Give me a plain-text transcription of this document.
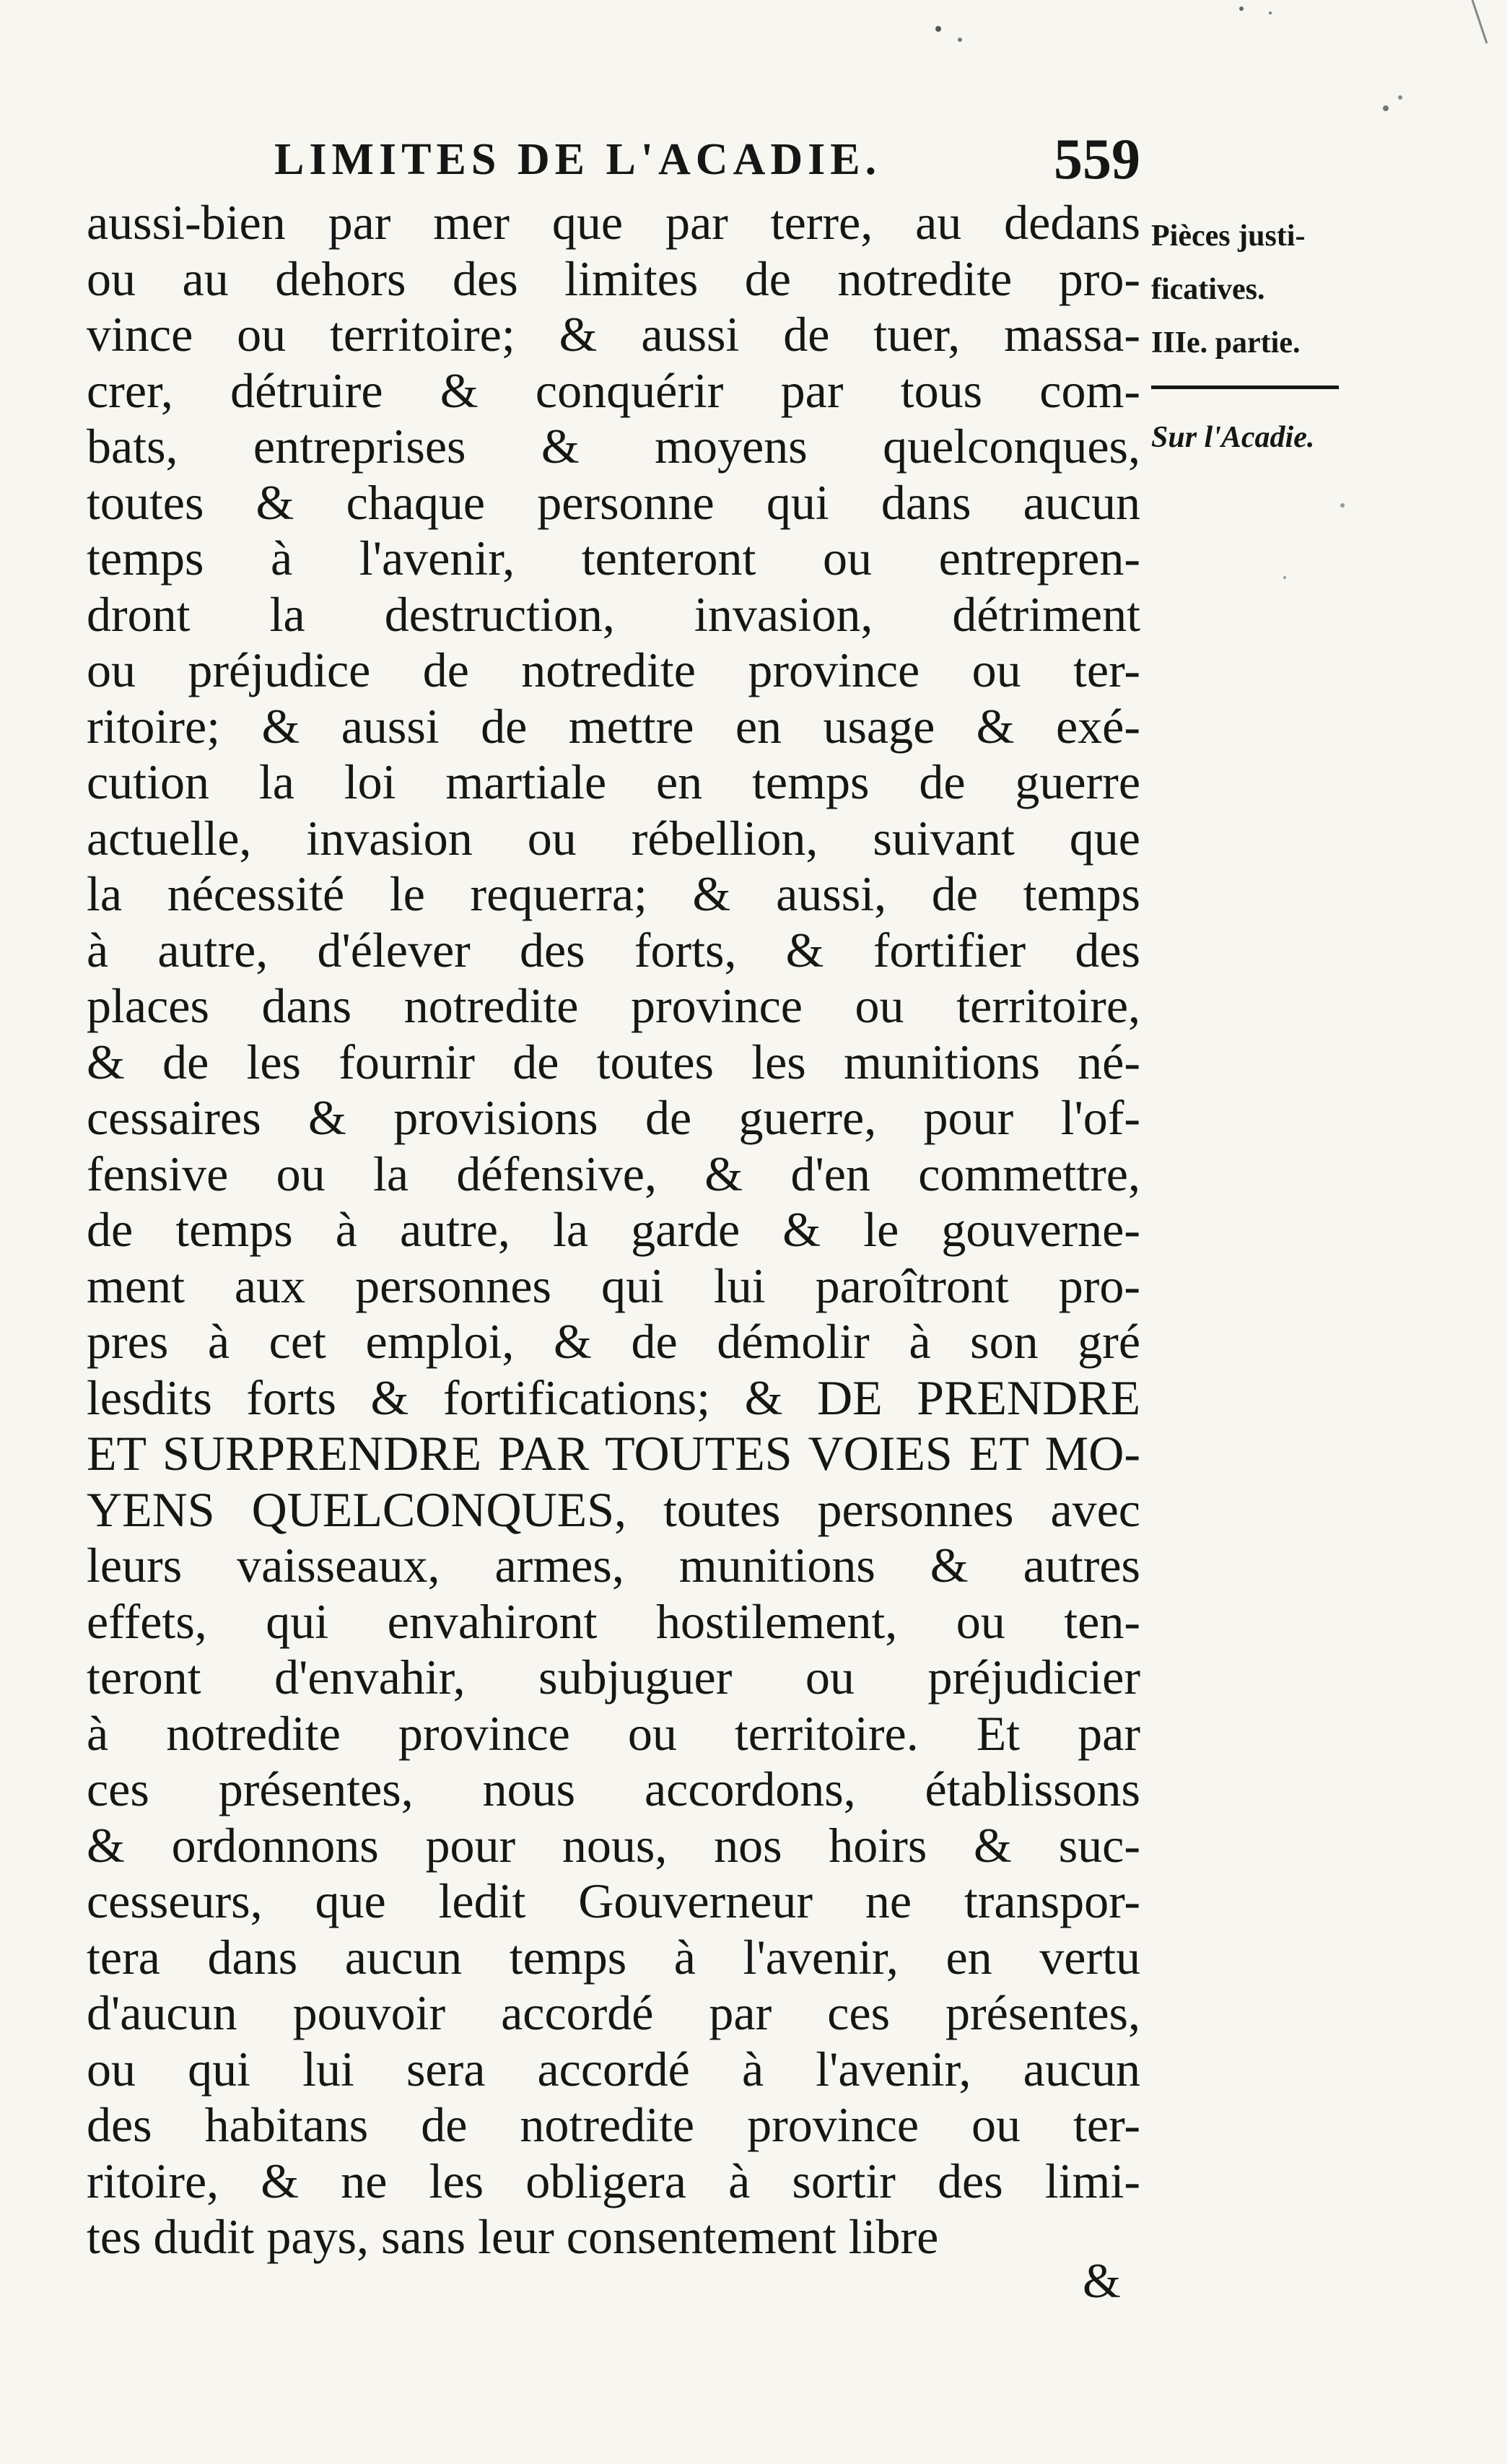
LIMITES DE L'ACADIE.	559
Pièces justi-
ficatives.
IIIe. partie.
Sur l'Acadie.
aussi-bien par mer que par terre, au dedans
ou au dehors des limites de notredite pro-
vince ou territoire; & aussi de tuer, massa-
crer, détruire & conquérir par tous com-
bats, entreprises & moyens quelconques,
toutes & chaque personne qui dans aucun
temps à l'avenir, tenteront ou entrepren-
dront la destruction, invasion, détriment
ou préjudice de notredite province ou ter-
ritoire; & aussi de mettre en usage & exé-
cution la loi martiale en temps de guerre
actuelle, invasion ou rébellion, suivant que
la nécessité le requerra; & aussi, de temps
à autre, d'élever des forts, & fortifier des
places dans notredite province ou territoire,
& de les fournir de toutes les munitions né-
cessaires & provisions de guerre, pour l'of-
fensive ou la défensive, & d'en commettre,
de temps à autre, la garde & le gouverne-
ment aux personnes qui lui paroîtront pro-
pres à cet emploi, & de démolir à son gré
lesdits forts & fortifications; & DE PRENDRE
ET SURPRENDRE PAR TOUTES VOIES ET MO-
YENS QUELCONQUES, toutes personnes avec
leurs vaisseaux, armes, munitions & autres
effets, qui envahiront hostilement, ou ten-
teront d'envahir, subjuguer ou préjudicier
à notredite province ou territoire. Et par
ces présentes, nous accordons, établissons
& ordonnons pour nous, nos hoirs & suc-
cesseurs, que ledit Gouverneur ne transpor-
tera dans aucun temps à l'avenir, en vertu
d'aucun pouvoir accordé par ces présentes,
ou qui lui sera accordé à l'avenir, aucun
des habitans de notredite province ou ter-
ritoire, & ne les obligera à sortir des limi-
tes dudit pays, sans leur consentement libre
&
